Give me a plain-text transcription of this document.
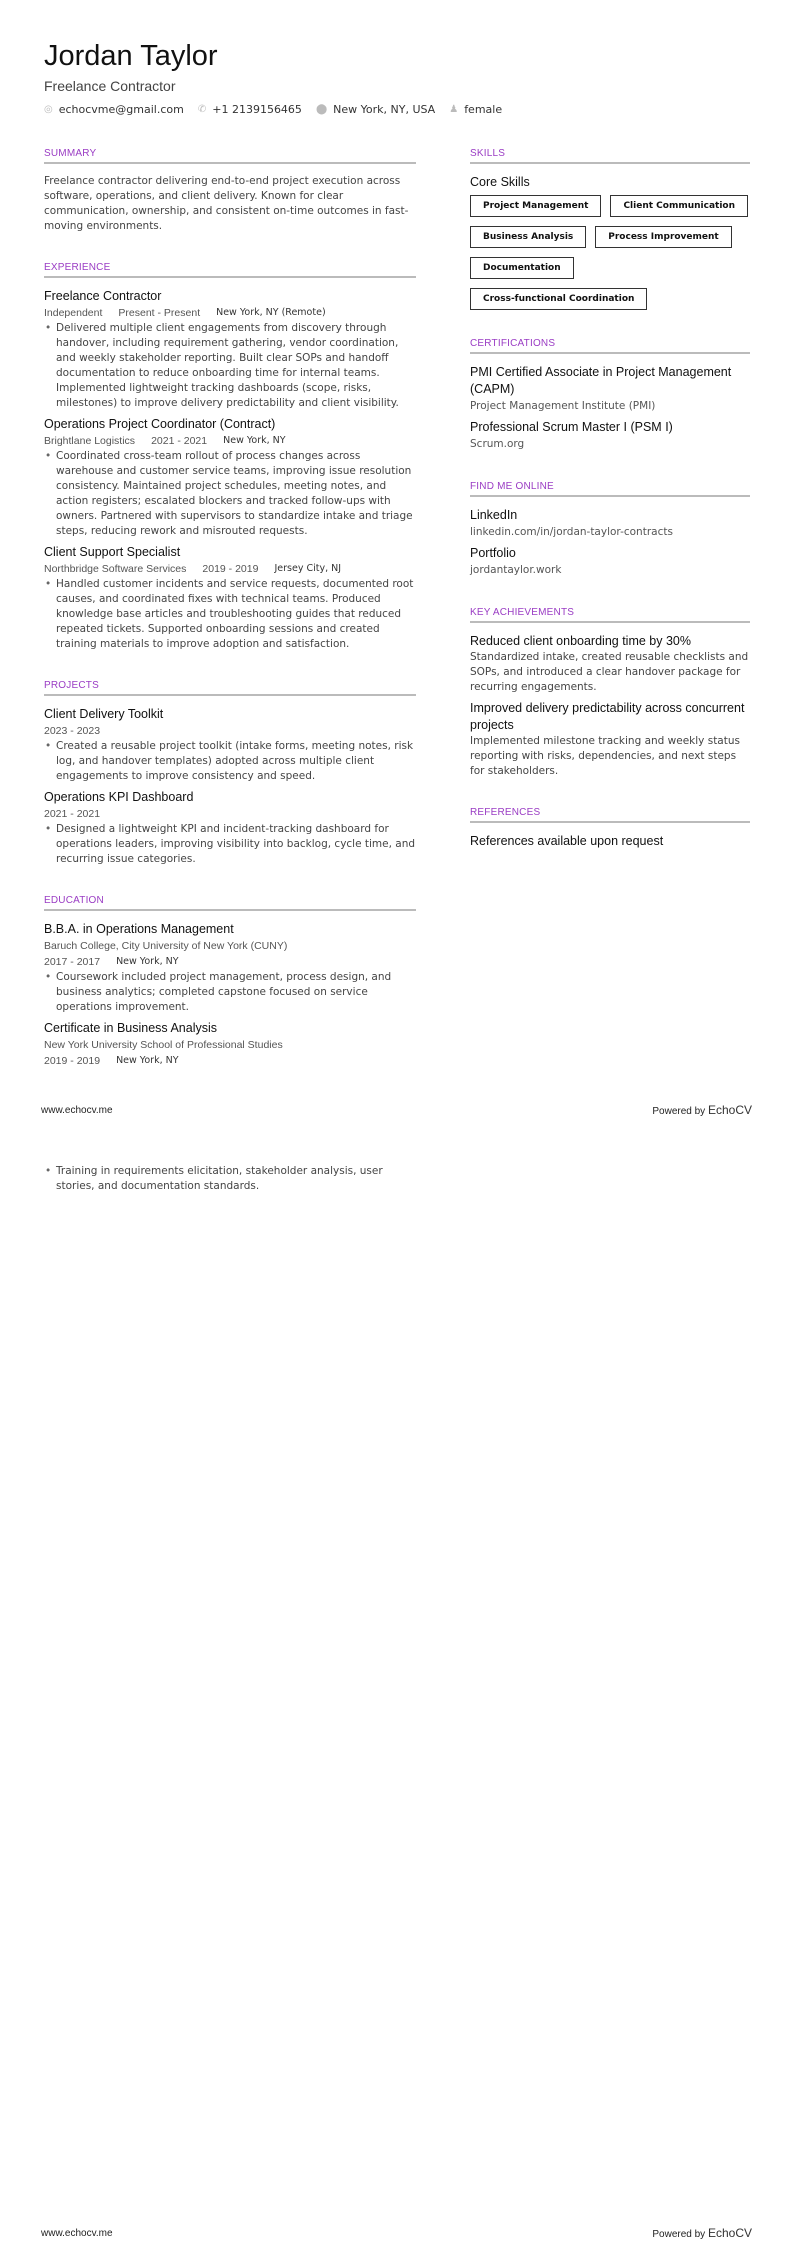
Jordan Taylor
Freelance Contractor
◎ echocvme@gmail.com ✆ +1 2139156465 ⬤ New York, NY, USA ♟ female
SUMMARY
Freelance contractor delivering end-to-end project execution across software, operations, and client delivery. Known for clear communication, ownership, and consistent on-time outcomes in fast-moving environments.
EXPERIENCE
Freelance Contractor
Independent Present - Present New York, NY (Remote)
• Delivered multiple client engagements from discovery through handover, including requirement gathering, vendor coordination, and weekly stakeholder reporting. Built clear SOPs and handoff documentation to reduce onboarding time for internal teams. Implemented lightweight tracking dashboards (scope, risks, milestones) to improve delivery predictability and client visibility.
Operations Project Coordinator (Contract)
Brightlane Logistics 2021 - 2021 New York, NY
• Coordinated cross-team rollout of process changes across warehouse and customer service teams, improving issue resolution consistency. Maintained project schedules, meeting notes, and action registers; escalated blockers and tracked follow-ups with owners. Partnered with supervisors to standardize intake and triage steps, reducing rework and misrouted requests.
Client Support Specialist
Northbridge Software Services 2019 - 2019 Jersey City, NJ
• Handled customer incidents and service requests, documented root causes, and coordinated fixes with technical teams. Produced knowledge base articles and troubleshooting guides that reduced repeated tickets. Supported onboarding sessions and created training materials to improve adoption and satisfaction.
PROJECTS
Client Delivery Toolkit
2023 - 2023
• Created a reusable project toolkit (intake forms, meeting notes, risk log, and handover templates) adopted across multiple client engagements to improve consistency and speed.
Operations KPI Dashboard
2021 - 2021
• Designed a lightweight KPI and incident-tracking dashboard for operations leaders, improving visibility into backlog, cycle time, and recurring issue categories.
EDUCATION
B.B.A. in Operations Management
Baruch College, City University of New York (CUNY)
2017 - 2017 New York, NY
• Coursework included project management, process design, and business analytics; completed capstone focused on service operations improvement.
Certificate in Business Analysis
New York University School of Professional Studies
2019 - 2019 New York, NY
SKILLS
Core Skills
Project Management	Client Communication
Business Analysis	Process Improvement
Documentation
Cross-functional Coordination
CERTIFICATIONS
PMI Certified Associate in Project Management (CAPM)
Project Management Institute (PMI)
Professional Scrum Master I (PSM I)
Scrum.org
FIND ME ONLINE
LinkedIn
linkedin.com/in/jordan-taylor-contracts
Portfolio
jordantaylor.work
KEY ACHIEVEMENTS
Reduced client onboarding time by 30%
Standardized intake, created reusable checklists and SOPs, and introduced a clear handover package for recurring engagements.
Improved delivery predictability across concurrent projects
Implemented milestone tracking and weekly status reporting with risks, dependencies, and next steps for stakeholders.
REFERENCES
References available upon request
www.echocv.me	Powered by EchoCV
• Training in requirements elicitation, stakeholder analysis, user stories, and documentation standards.
www.echocv.me	Powered by EchoCV
